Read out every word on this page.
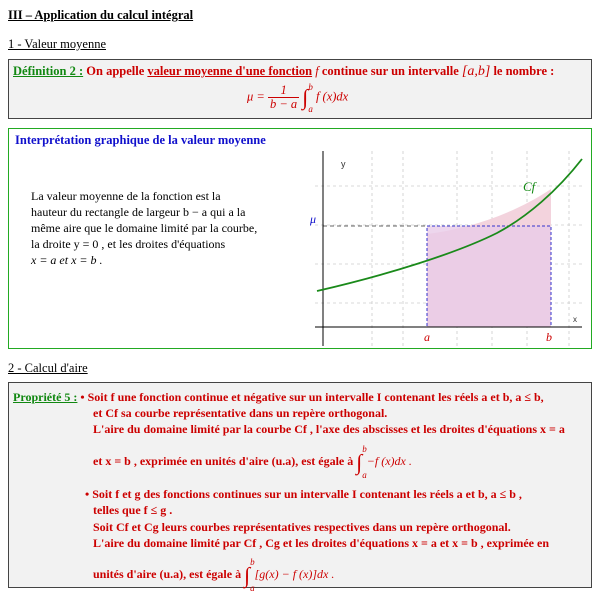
III – Application du calcul intégral
1 - Valeur moyenne
Définition 2 : On appelle valeur moyenne d'une fonction f continue sur un intervalle [a,b] le nombre :
$\mu = \frac{1}{b - a}$ ∫ b
a
f (x)dx
Interprétation graphique de la valeur moyenne
La valeur moyenne de la fonction est la
hauteur du rectangle de largeur b − a qui a la
même aire que le domaine limité par la courbe,
la droite y = 0 , et les droites d'équations
x = a et x = b .
y
x
Cf
μ
a	b
2 - Calcul d'aire
Propriété 5 : • Soit f une fonction continue et négative sur un intervalle I contenant les réels a et b, a ≤ b,
et Cf sa courbe représentative dans un repère orthogonal.
L'aire du domaine limité par la courbe Cf , l'axe des abscisses et les droites d'équations x = a
et x = b , exprimée en unités d'aire (u.a), est égale à ∫ b
a
−f (x)dx .
• Soit f et g des fonctions continues sur un intervalle I contenant les réels a et b, a ≤ b ,
telles que f ≤ g .
Soit Cf et Cg leurs courbes représentatives respectives dans un repère orthogonal.
L'aire du domaine limité par Cf , Cg et les droites d'équations x = a et x = b , exprimée en
unités d'aire (u.a), est égale à ∫ b
a
[g(x) − f (x)]dx .
